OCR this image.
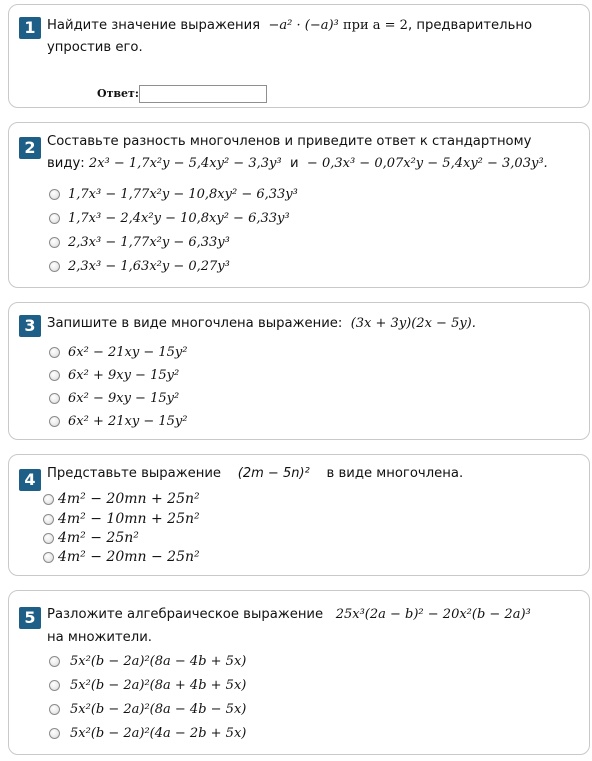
1 Найдите значение выражения −a² · (−a)³ при a = 2, предварительно
упростив его.
Ответ:
2 Составьте разность многочленов и приведите ответ к стандартному
виду: 2x³ − 1,7x²y − 5,4xy² − 3,3y³ и − 0,3x³ − 0,07x²y − 5,4xy² − 3,03y³.
1,7x³ − 1,77x²y − 10,8xy² − 6,33y³
1,7x³ − 2,4x²y − 10,8xy² − 6,33y³
2,3x³ − 1,77x²y − 6,33y³
2,3x³ − 1,63x²y − 0,27y³
3 Запишите в виде многочлена выражение: (3x + 3y)(2x − 5y).
6x² − 21xy − 15y²
6x² + 9xy − 15y²
6x² − 9xy − 15y²
6x² + 21xy − 15y²
4 Представьте выражение (2m − 5n)² в виде многочлена.
4m² − 20mn + 25n²
4m² − 10mn + 25n²
4m² − 25n²
4m² − 20mn − 25n²
5 Разложите алгебраическое выражение 25x³(2a − b)² − 20x²(b − 2a)³
на множители.
5x²(b − 2a)²(8a − 4b + 5x)
5x²(b − 2a)²(8a + 4b + 5x)
5x²(b − 2a)²(8a − 4b − 5x)
5x²(b − 2a)²(4a − 2b + 5x)
